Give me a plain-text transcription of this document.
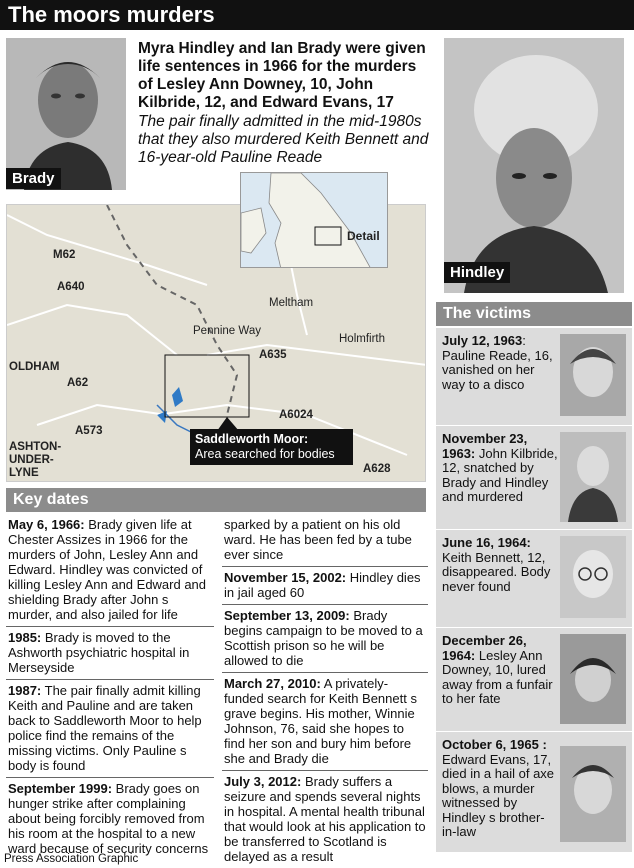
The moors murders
Brady
Myra Hindley and Ian Brady were given life sentences in 1966 for the murders of Lesley Ann Downey, 10, John Kilbride, 12, and Edward Evans, 17
The pair finally admitted in the mid-1980s that they also murdered Keith Bennett and 16-year-old Pauline Reade
Hindley
M62
A640
Meltham
Pennine Way
A635
Holmfirth
OLDHAM
A62
A573
ASHTON-
UNDER-
LYNE
A6024
A628
Detail
Saddleworth Moor:
Area searched for bodies
Key dates
May 6, 1966: Brady given life at Chester Assizes in 1966 for the murders of John, Lesley Ann and Edward. Hindley was convicted of killing Lesley Ann and Edward and shielding Brady after John s murder, and also jailed for life
1985: Brady is moved to the Ashworth psychiatric hospital in Merseyside
1987: The pair finally admit killing Keith and Pauline and are taken back to Saddleworth Moor to help police find the remains of the missing victims. Only Pauline s body is found
September 1999: Brady goes on hunger strike after complaining about being forcibly removed from his room at the hospital to a new ward because of security concerns
sparked by a patient on his old ward. He has been fed by a tube ever since
November 15, 2002: Hindley dies in jail aged 60
September 13, 2009: Brady begins campaign to be moved to a Scottish prison so he will be allowed to die
March 27, 2010: A privately-funded search for Keith Bennett s grave begins. His mother, Winnie Johnson, 76, said she hopes to find her son and bury him before she and Brady die
July 3, 2012: Brady suffers a seizure and spends several nights in hospital. A mental health tribunal that would look at his application to be transferred to Scotland is delayed as a result
The victims
July 12, 1963: Pauline Reade, 16, vanished on her way to a disco
November 23, 1963: John Kilbride, 12, snatched by Brady and Hindley and murdered
June 16, 1964: Keith Bennett, 12, disappeared. Body never found
December 26, 1964: Lesley Ann Downey, 10, lured away from a funfair to her fate
October 6, 1965 : Edward Evans, 17, died in a hail of axe blows, a murder witnessed by Hindley s brother-in-law
Press Association Graphic
